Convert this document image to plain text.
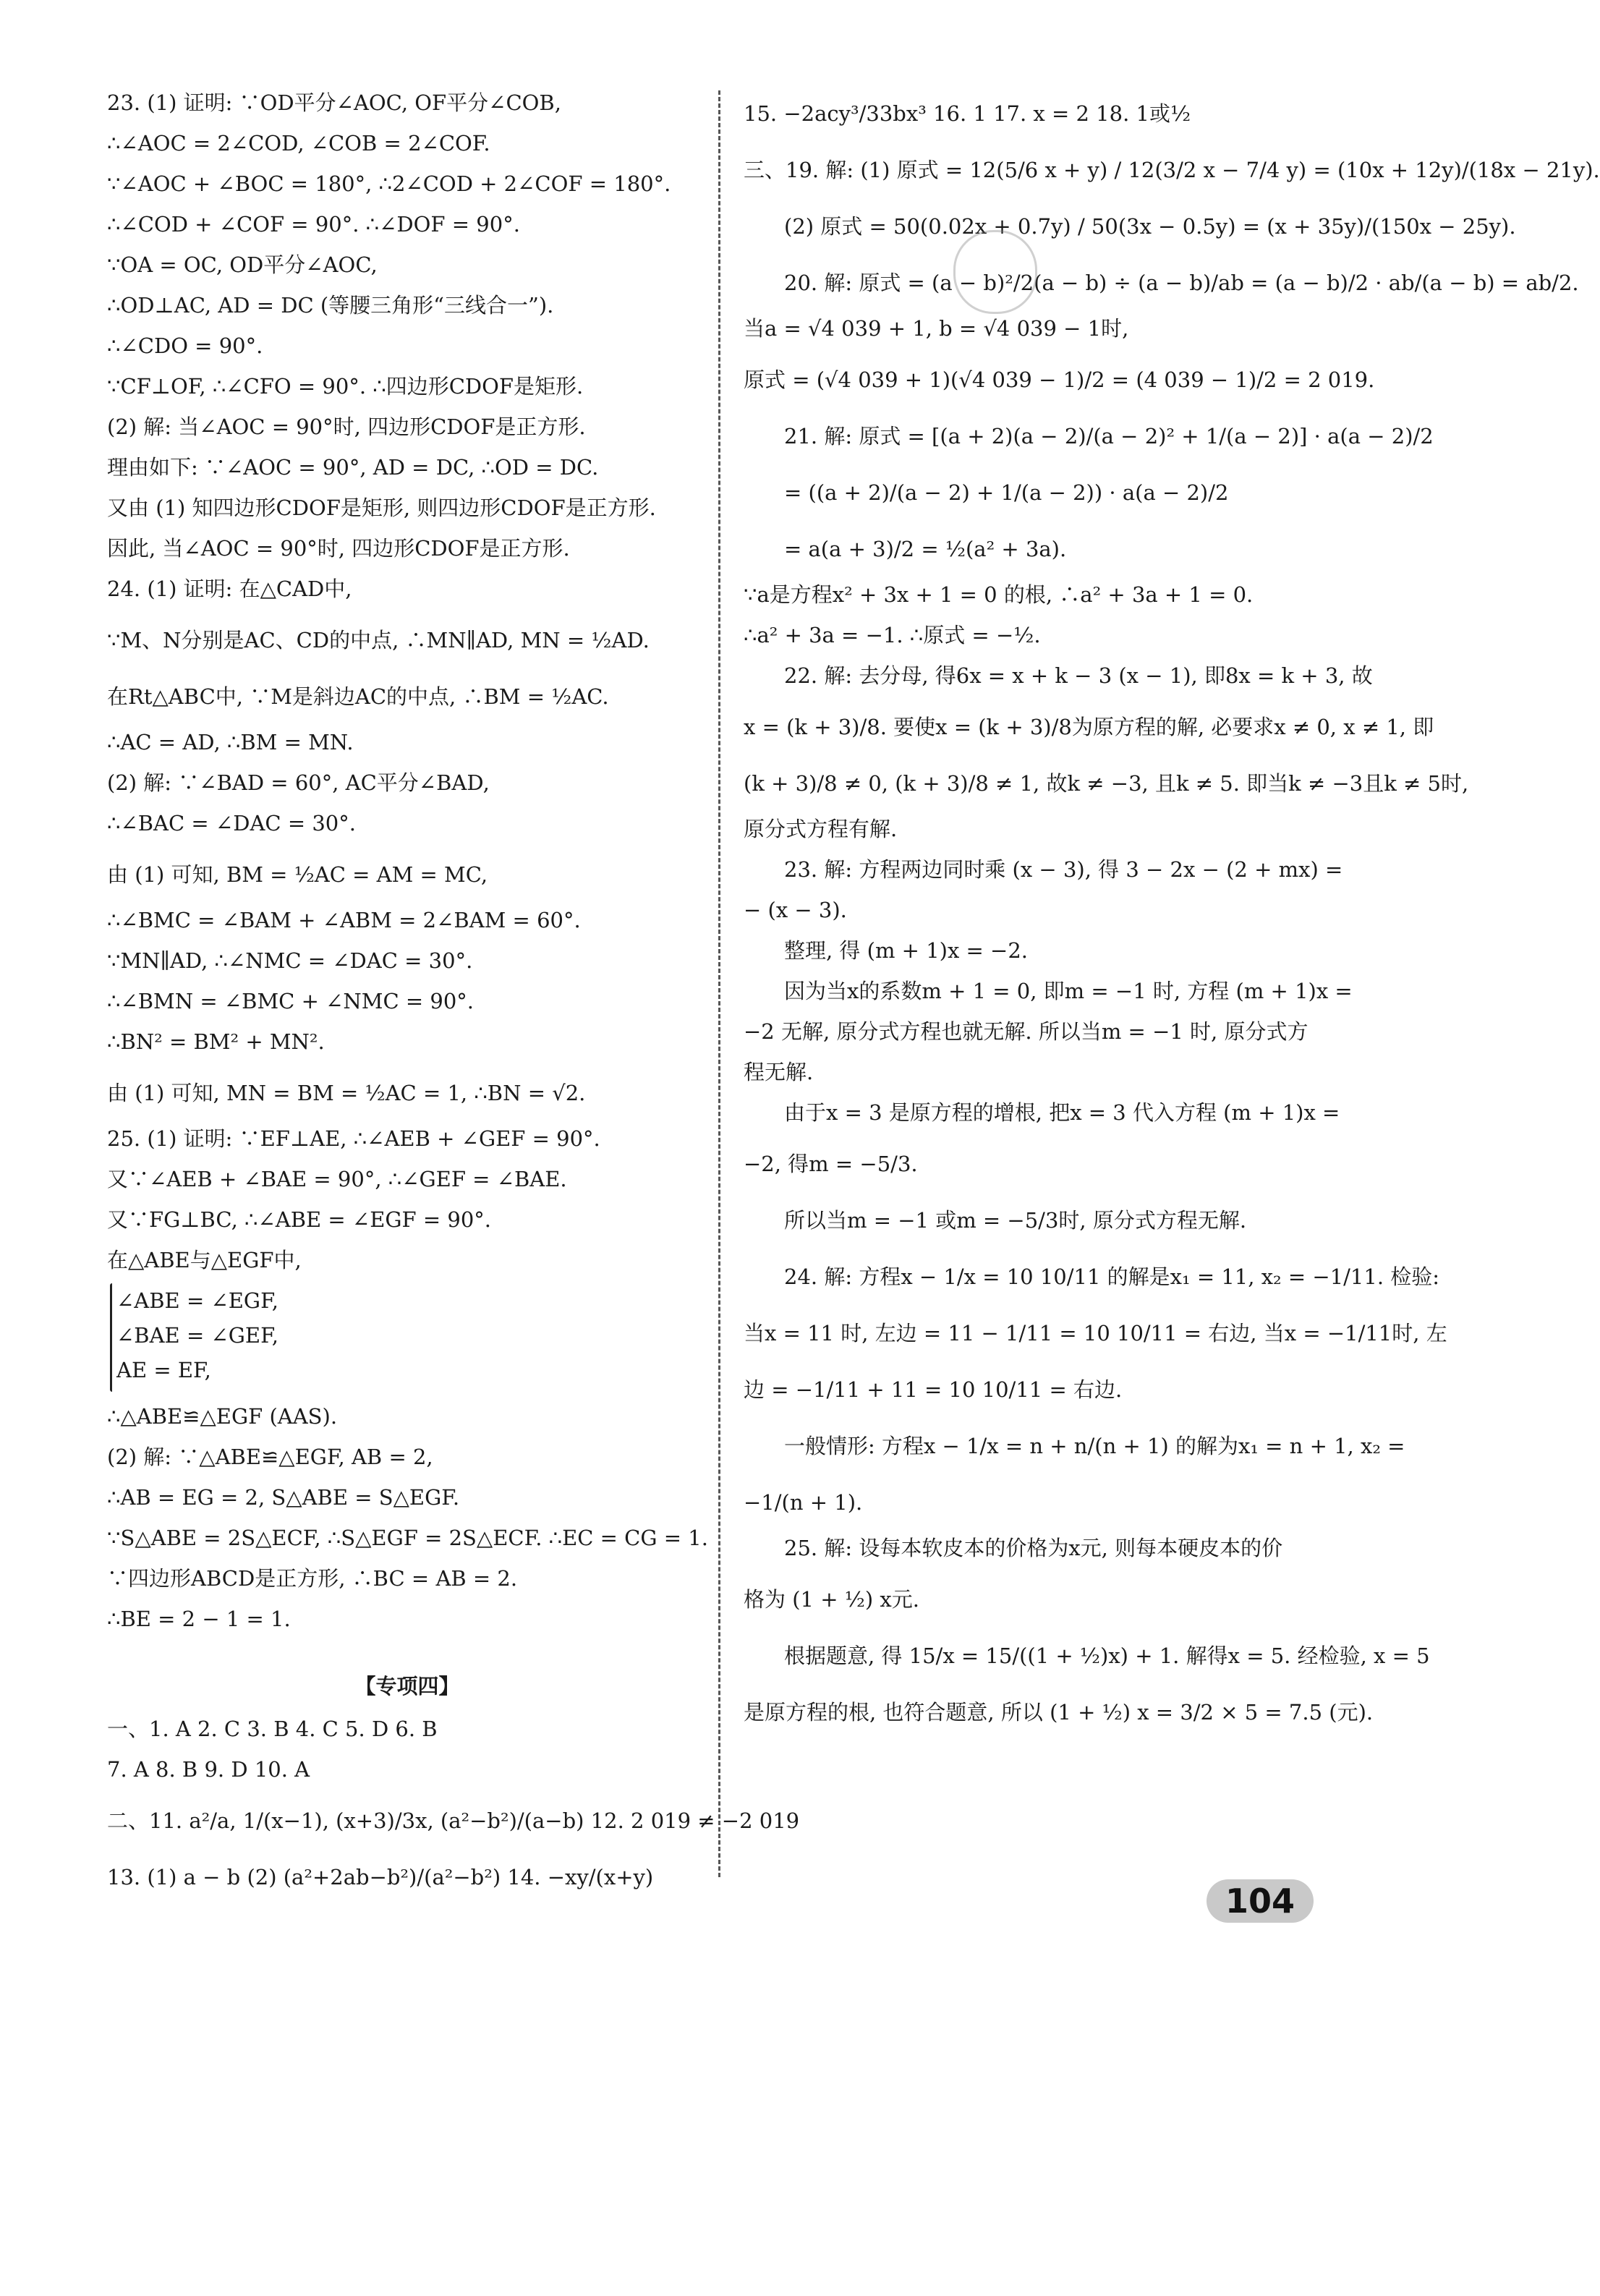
23. (1) 证明: ∵OD平分∠AOC, OF平分∠COB,
∴∠AOC = 2∠COD, ∠COB = 2∠COF.
∵∠AOC + ∠BOC = 180°, ∴2∠COD + 2∠COF = 180°.
∴∠COD + ∠COF = 90°. ∴∠DOF = 90°.
∵OA = OC, OD平分∠AOC,
∴OD⊥AC, AD = DC (等腰三角形“三线合一”).
∴∠CDO = 90°.
∵CF⊥OF, ∴∠CFO = 90°. ∴四边形CDOF是矩形.
(2) 解: 当∠AOC = 90°时, 四边形CDOF是正方形.
理由如下: ∵∠AOC = 90°, AD = DC, ∴OD = DC.
又由 (1) 知四边形CDOF是矩形, 则四边形CDOF是正方形.
因此, 当∠AOC = 90°时, 四边形CDOF是正方形.
24. (1) 证明: 在△CAD中,
∵M、N分别是AC、CD的中点, ∴MN∥AD, MN = ½AD.
在Rt△ABC中, ∵M是斜边AC的中点, ∴BM = ½AC.
∴AC = AD, ∴BM = MN.
(2) 解: ∵∠BAD = 60°, AC平分∠BAD,
∴∠BAC = ∠DAC = 30°.
由 (1) 可知, BM = ½AC = AM = MC,
∴∠BMC = ∠BAM + ∠ABM = 2∠BAM = 60°.
∵MN∥AD, ∴∠NMC = ∠DAC = 30°.
∴∠BMN = ∠BMC + ∠NMC = 90°.
∴BN² = BM² + MN².
由 (1) 可知, MN = BM = ½AC = 1, ∴BN = √2.
25. (1) 证明: ∵EF⊥AE, ∴∠AEB + ∠GEF = 90°.
又∵∠AEB + ∠BAE = 90°, ∴∠GEF = ∠BAE.
又∵FG⊥BC, ∴∠ABE = ∠EGF = 90°.
在△ABE与△EGF中,
∠ABE = ∠EGF,
∠BAE = ∠GEF,
AE = EF,
∴△ABE≌△EGF (AAS).
(2) 解: ∵△ABE≌△EGF, AB = 2,
∴AB = EG = 2, S△ABE = S△EGF.
∵S△ABE = 2S△ECF, ∴S△EGF = 2S△ECF. ∴EC = CG = 1.
∵四边形ABCD是正方形, ∴BC = AB = 2.
∴BE = 2 − 1 = 1.
【专项四】
一、1. A 2. C 3. B 4. C 5. D 6. B
7. A 8. B 9. D 10. A
二、11. a²/a, 1/(x−1), (x+3)/3x, (a²−b²)/(a−b) 12. 2 019 ≠ −2 019
13. (1) a − b (2) (a²+2ab−b²)/(a²−b²) 14. −xy/(x+y)
15. −2acy³/33bx³ 16. 1 17. x = 2 18. 1或½
三、19. 解: (1) 原式 = 12(5/6 x + y) / 12(3/2 x − 7/4 y) = (10x + 12y)/(18x − 21y).
(2) 原式 = 50(0.02x + 0.7y) / 50(3x − 0.5y) = (x + 35y)/(150x − 25y).
20. 解: 原式 = (a − b)²/2(a − b) ÷ (a − b)/ab = (a − b)/2 · ab/(a − b) = ab/2.
当a = √4 039 + 1, b = √4 039 − 1时,
原式 = (√4 039 + 1)(√4 039 − 1)/2 = (4 039 − 1)/2 = 2 019.
21. 解: 原式 = [(a + 2)(a − 2)/(a − 2)² + 1/(a − 2)] · a(a − 2)/2
= ((a + 2)/(a − 2) + 1/(a − 2)) · a(a − 2)/2
= a(a + 3)/2 = ½(a² + 3a).
∵a是方程x² + 3x + 1 = 0 的根, ∴a² + 3a + 1 = 0.
∴a² + 3a = −1. ∴原式 = −½.
22. 解: 去分母, 得6x = x + k − 3 (x − 1), 即8x = k + 3, 故
x = (k + 3)/8. 要使x = (k + 3)/8为原方程的解, 必要求x ≠ 0, x ≠ 1, 即
(k + 3)/8 ≠ 0, (k + 3)/8 ≠ 1, 故k ≠ −3, 且k ≠ 5. 即当k ≠ −3且k ≠ 5时,
原分式方程有解.
23. 解: 方程两边同时乘 (x − 3), 得 3 − 2x − (2 + mx) =
− (x − 3).
整理, 得 (m + 1)x = −2.
因为当x的系数m + 1 = 0, 即m = −1 时, 方程 (m + 1)x =
−2 无解, 原分式方程也就无解. 所以当m = −1 时, 原分式方
程无解.
由于x = 3 是原方程的增根, 把x = 3 代入方程 (m + 1)x =
−2, 得m = −5/3.
所以当m = −1 或m = −5/3时, 原分式方程无解.
24. 解: 方程x − 1/x = 10 10/11 的解是x₁ = 11, x₂ = −1/11. 检验:
当x = 11 时, 左边 = 11 − 1/11 = 10 10/11 = 右边, 当x = −1/11时, 左
边 = −1/11 + 11 = 10 10/11 = 右边.
一般情形: 方程x − 1/x = n + n/(n + 1) 的解为x₁ = n + 1, x₂ =
−1/(n + 1).
25. 解: 设每本软皮本的价格为x元, 则每本硬皮本的价
格为 (1 + ½) x元.
根据题意, 得 15/x = 15/((1 + ½)x) + 1. 解得x = 5. 经检验, x = 5
是原方程的根, 也符合题意, 所以 (1 + ½) x = 3/2 × 5 = 7.5 (元).
104
